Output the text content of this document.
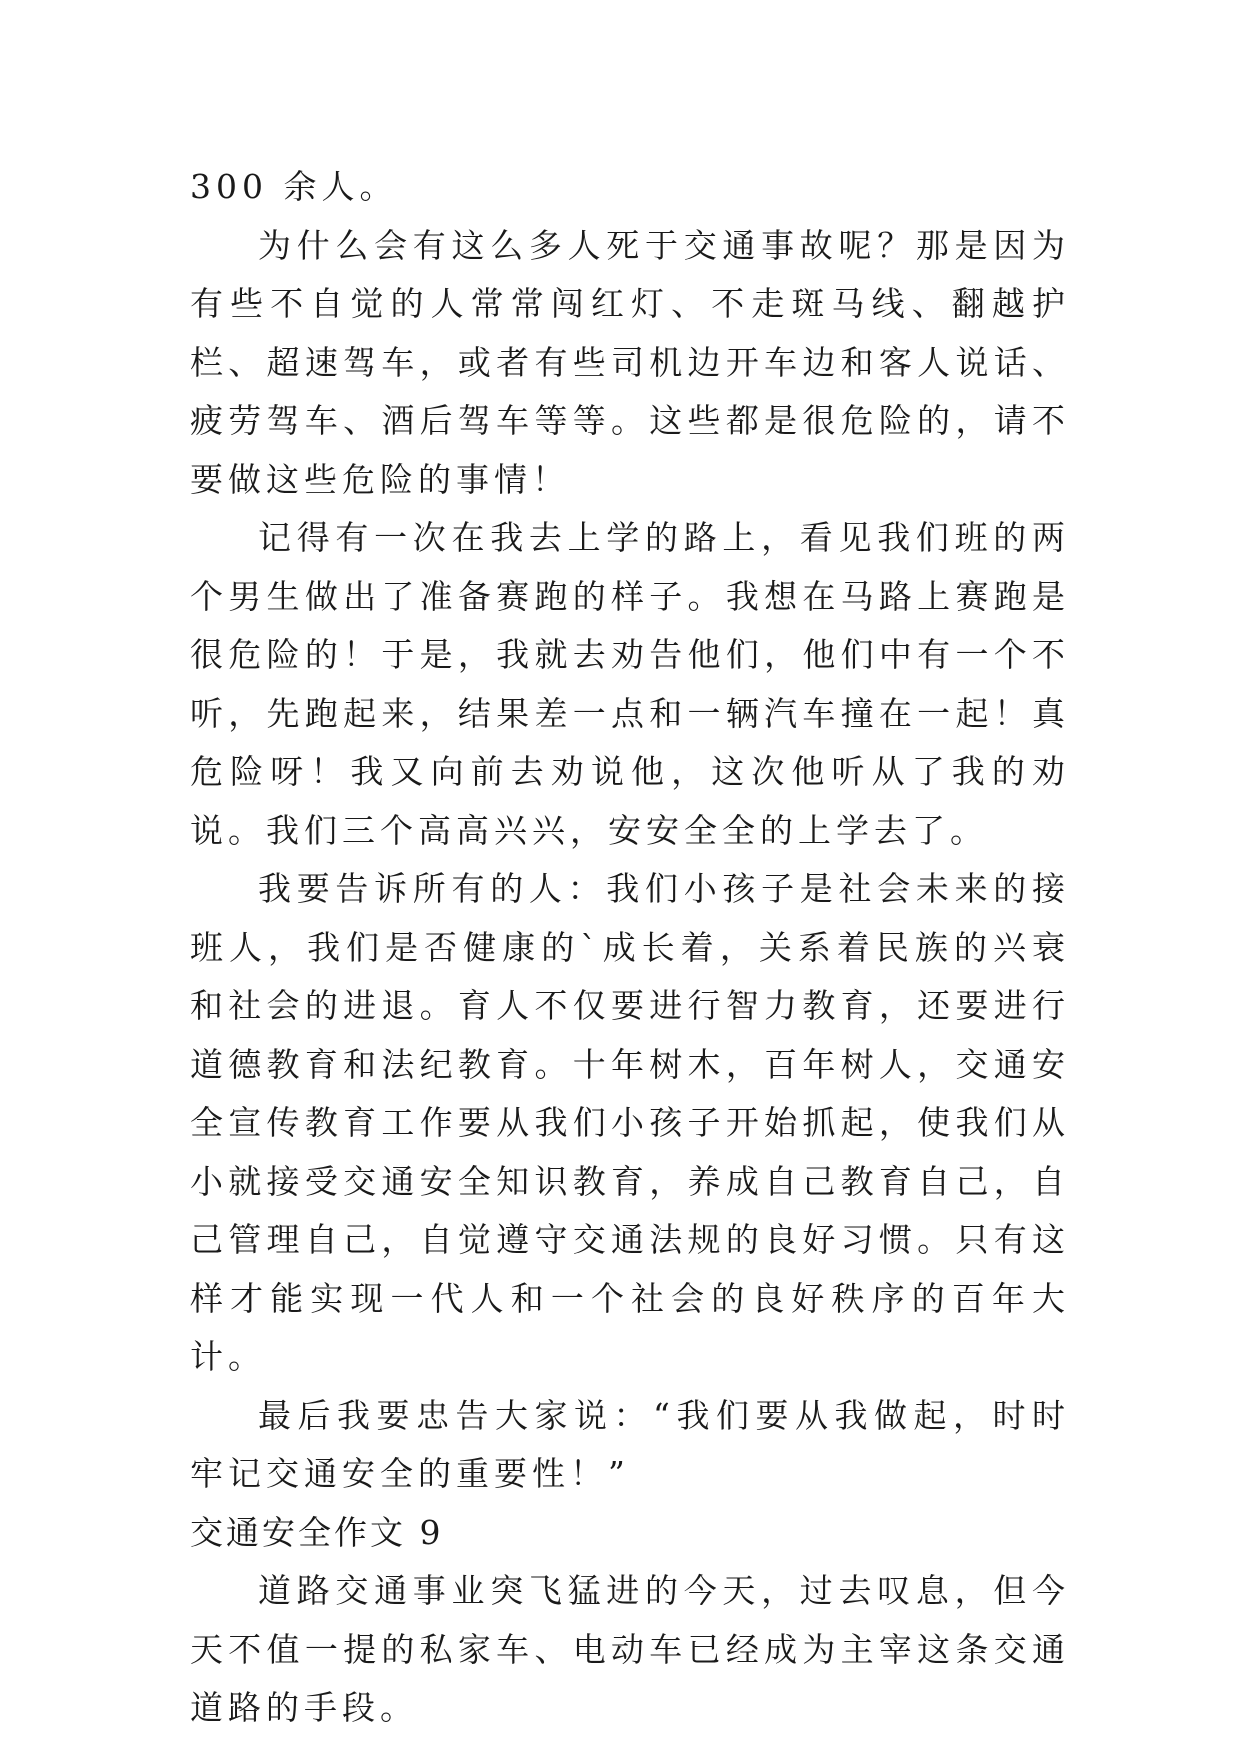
300 余人。

为什么会有这么多人死于交通事故呢？那是因为有些不自觉的人常常闯红灯、不走斑马线、翻越护栏、超速驾车，或者有些司机边开车边和客人说话、疲劳驾车、酒后驾车等等。这些都是很危险的，请不要做这些危险的事情！

记得有一次在我去上学的路上，看见我们班的两个男生做出了准备赛跑的样子。我想在马路上赛跑是很危险的！于是，我就去劝告他们，他们中有一个不听，先跑起来，结果差一点和一辆汽车撞在一起！真危险呀！我又向前去劝说他，这次他听从了我的劝说。我们三个高高兴兴，安安全全的上学去了。

我要告诉所有的人：我们小孩子是社会未来的接班人，我们是否健康的`成长着，关系着民族的兴衰和社会的进退。育人不仅要进行智力教育，还要进行道德教育和法纪教育。十年树木，百年树人，交通安全宣传教育工作要从我们小孩子开始抓起，使我们从小就接受交通安全知识教育，养成自己教育自己，自己管理自己，自觉遵守交通法规的良好习惯。只有这样才能实现一代人和一个社会的良好秩序的百年大计。

最后我要忠告大家说：“我们要从我做起，时时牢记交通安全的重要性！”

交通安全作文 9

道路交通事业突飞猛进的今天，过去叹息，但今天不值一提的私家车、电动车已经成为主宰这条交通道路的手段。
